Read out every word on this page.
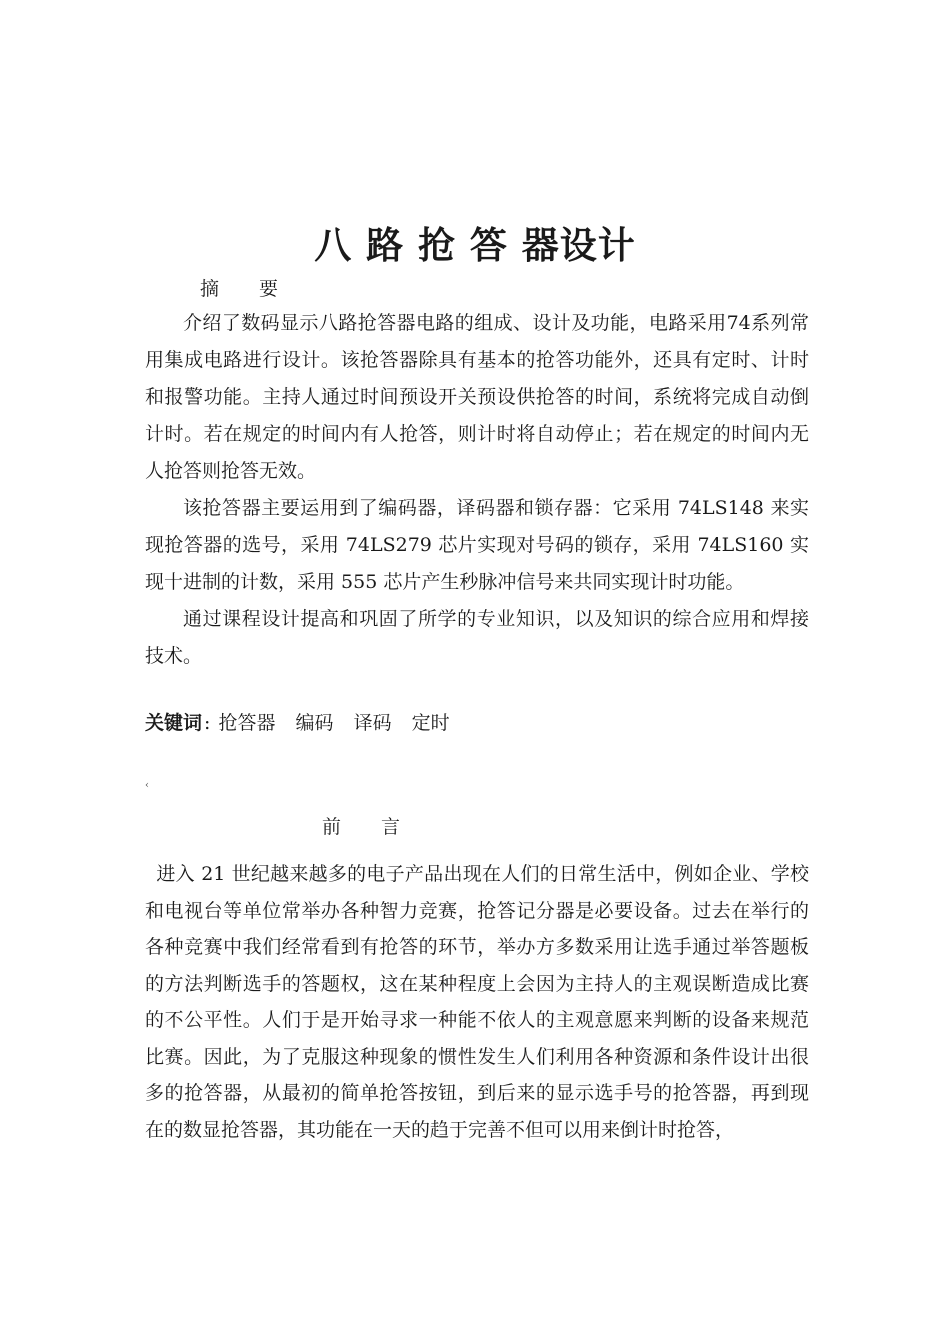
八 路 抢 答 器设计
摘 要

介绍了数码显示八路抢答器电路的组成、设计及功能，电路采用74系列常用集成电路进行设计。该抢答器除具有基本的抢答功能外，还具有定时、计时和报警功能。主持人通过时间预设开关预设供抢答的时间，系统将完成自动倒计时。若在规定的时间内有人抢答，则计时将自动停止；若在规定的时间内无人抢答则抢答无效。

该抢答器主要运用到了编码器，译码器和锁存器：它采用 74LS148 来实现抢答器的选号，采用 74LS279 芯片实现对号码的锁存，采用 74LS160 实现十进制的计数，采用 555 芯片产生秒脉冲信号来共同实现计时功能。

通过课程设计提高和巩固了所学的专业知识，以及知识的综合应用和焊接技术。

关键词 : 抢答器 编码 译码 定时
‹
前 言

进入 21 世纪越来越多的电子产品出现在人们的日常生活中，例如企业、学校和电视台等单位常举办各种智力竞赛，抢答记分器是必要设备。过去在举行的各种竞赛中我们经常看到有抢答的环节，举办方多数采用让选手通过举答题板的方法判断选手的答题权，这在某种程度上会因为主持人的主观误断造成比赛的不公平性。人们于是开始寻求一种能不依人的主观意愿来判断的设备来规范比赛。因此，为了克服这种现象的惯性发生人们利用各种资源和条件设计出很多的抢答器，从最初的简单抢答按钮，到后来的显示选手号的抢答器，再到现在的数显抢答器，其功能在一天的趋于完善不但可以用来倒计时抢答，
